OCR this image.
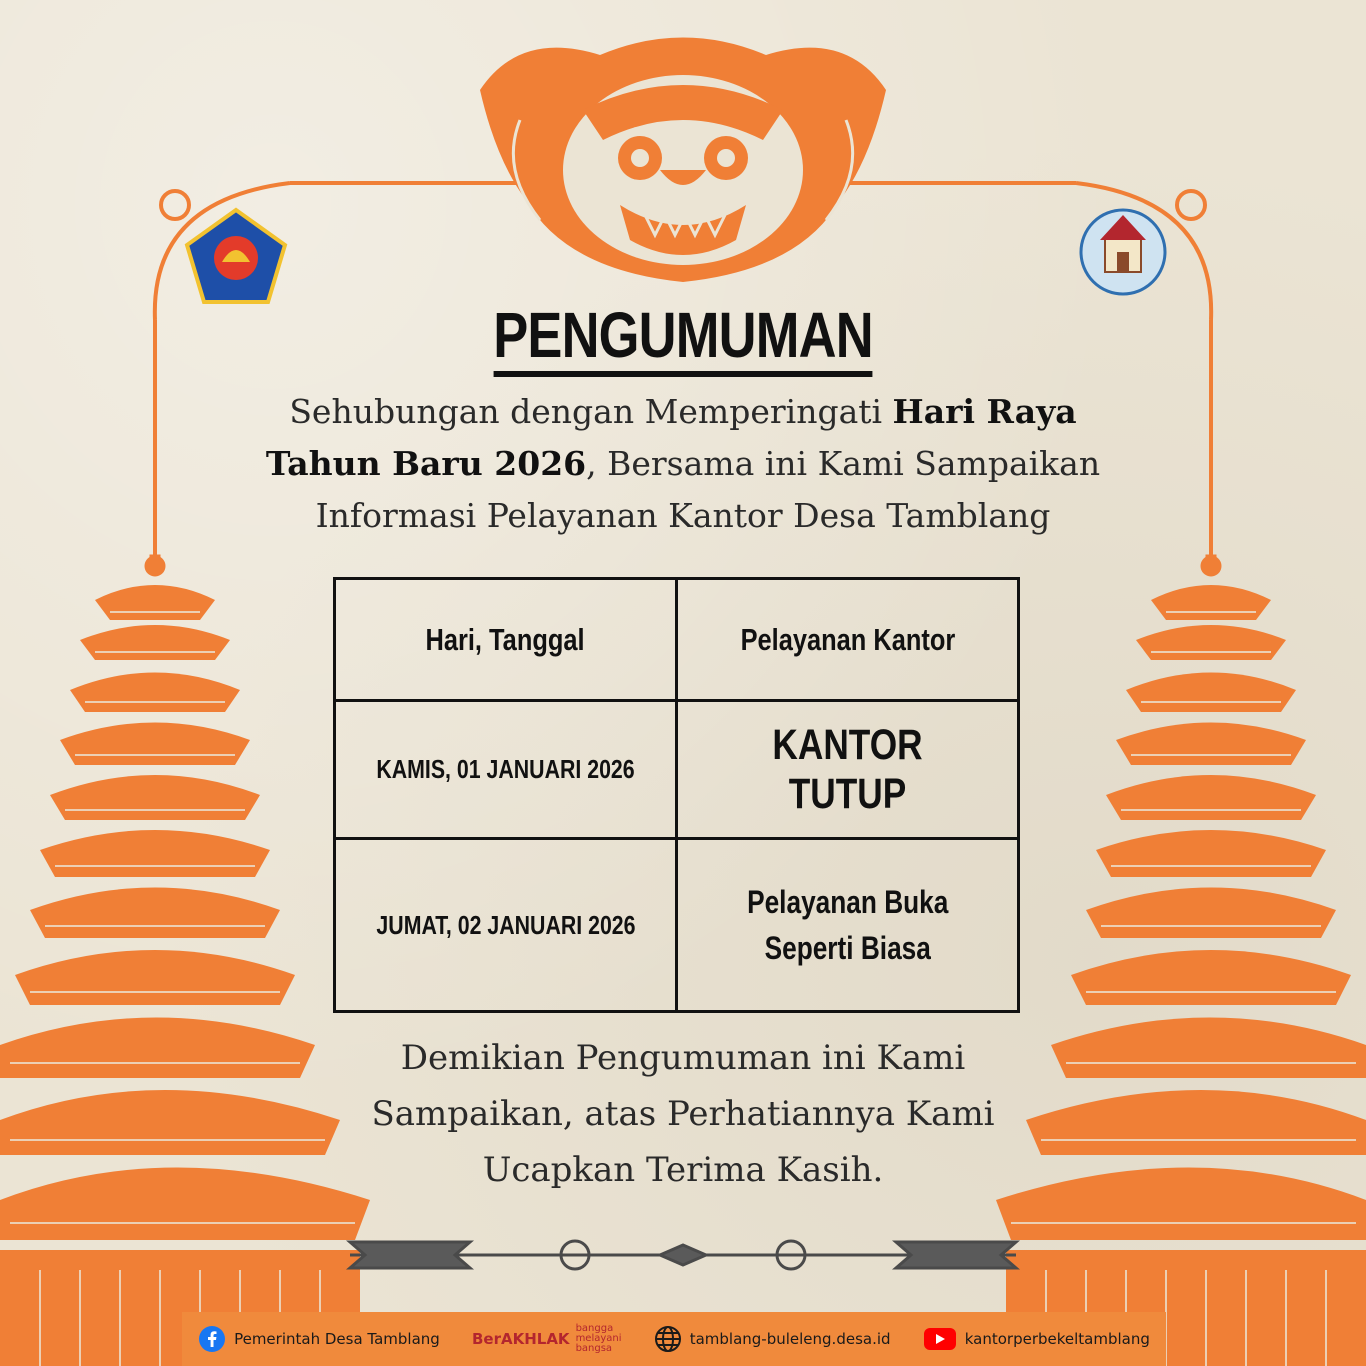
PENGUMUMAN
Sehubungan dengan Memperingati Hari Raya Tahun Baru 2026, Bersama ini Kami Sampaikan Informasi Pelayanan Kantor Desa Tamblang
Hari, Tanggal	Pelayanan Kantor
KAMIS, 01 JANUARI 2026	KANTOR TUTUP
JUMAT, 02 JANUARI 2026	Pelayanan Buka
Seperti Biasa
Demikian Pengumuman ini Kami Sampaikan, atas Perhatiannya Kami Ucapkan Terima Kasih.
Pemerintah Desa Tamblang BerAKHLAK
bangga
melayani
bangsa
tamblang-buleleng.desa.id	kantorperbekeltamblang
